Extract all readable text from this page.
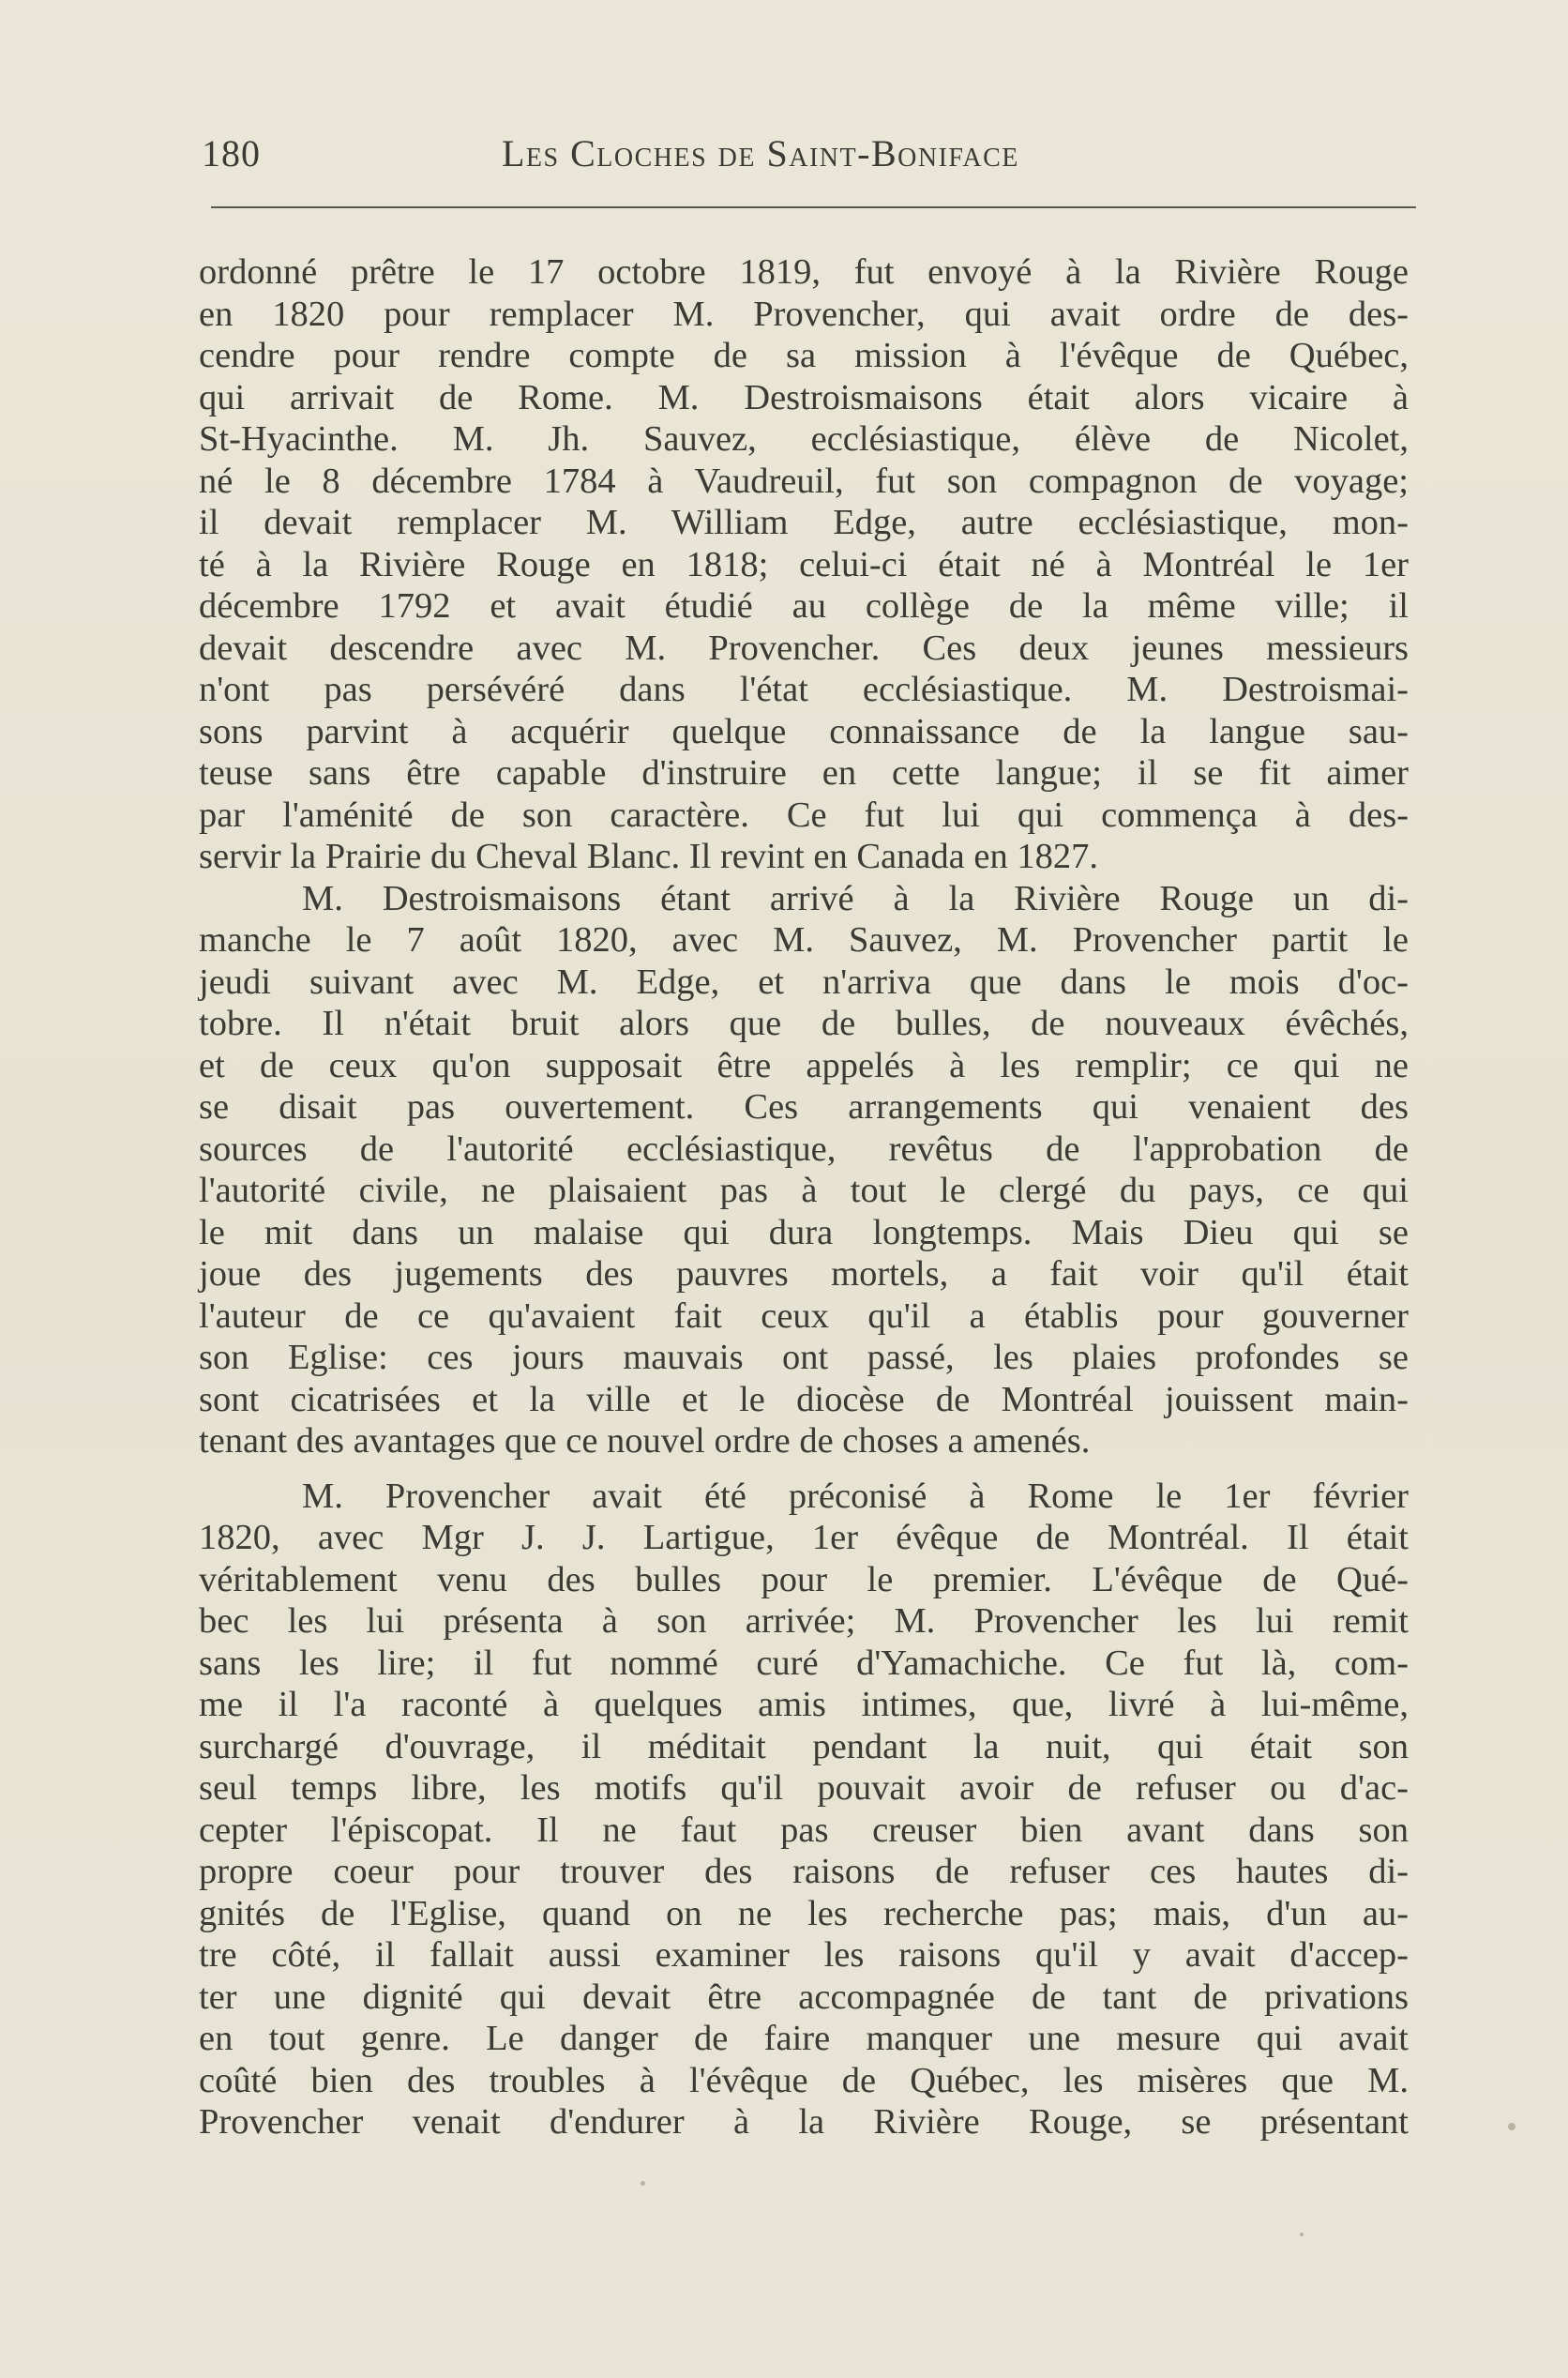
180	Les Cloches de Saint-Boniface
ordonné prêtre le 17 octobre 1819, fut envoyé à la Rivière Rouge
en 1820 pour remplacer M. Provencher, qui avait ordre de des-
cendre pour rendre compte de sa mission à l'évêque de Québec,
qui arrivait de Rome. M. Destroismaisons était alors vicaire à
St-Hyacinthe. M. Jh. Sauvez, ecclésiastique, élève de Nicolet,
né le 8 décembre 1784 à Vaudreuil, fut son compagnon de voyage;
il devait remplacer M. William Edge, autre ecclésiastique, mon-
té à la Rivière Rouge en 1818; celui-ci était né à Montréal le 1er
décembre 1792 et avait étudié au collège de la même ville; il
devait descendre avec M. Provencher. Ces deux jeunes messieurs
n'ont pas persévéré dans l'état ecclésiastique. M. Destroismai-
sons parvint à acquérir quelque connaissance de la langue sau-
teuse sans être capable d'instruire en cette langue; il se fit aimer
par l'aménité de son caractère. Ce fut lui qui commença à des-
servir la Prairie du Cheval Blanc. Il revint en Canada en 1827.
M. Destroismaisons étant arrivé à la Rivière Rouge un di-
manche le 7 août 1820, avec M. Sauvez, M. Provencher partit le
jeudi suivant avec M. Edge, et n'arriva que dans le mois d'oc-
tobre. Il n'était bruit alors que de bulles, de nouveaux évêchés,
et de ceux qu'on supposait être appelés à les remplir; ce qui ne
se disait pas ouvertement. Ces arrangements qui venaient des
sources de l'autorité ecclésiastique, revêtus de l'approbation de
l'autorité civile, ne plaisaient pas à tout le clergé du pays, ce qui
le mit dans un malaise qui dura longtemps. Mais Dieu qui se
joue des jugements des pauvres mortels, a fait voir qu'il était
l'auteur de ce qu'avaient fait ceux qu'il a établis pour gouverner
son Eglise: ces jours mauvais ont passé, les plaies profondes se
sont cicatrisées et la ville et le diocèse de Montréal jouissent main-
tenant des avantages que ce nouvel ordre de choses a amenés.
M. Provencher avait été préconisé à Rome le 1er février
1820, avec Mgr J. J. Lartigue, 1er évêque de Montréal. Il était
véritablement venu des bulles pour le premier. L'évêque de Qué-
bec les lui présenta à son arrivée; M. Provencher les lui remit
sans les lire; il fut nommé curé d'Yamachiche. Ce fut là, com-
me il l'a raconté à quelques amis intimes, que, livré à lui-même,
surchargé d'ouvrage, il méditait pendant la nuit, qui était son
seul temps libre, les motifs qu'il pouvait avoir de refuser ou d'ac-
cepter l'épiscopat. Il ne faut pas creuser bien avant dans son
propre coeur pour trouver des raisons de refuser ces hautes di-
gnités de l'Eglise, quand on ne les recherche pas; mais, d'un au-
tre côté, il fallait aussi examiner les raisons qu'il y avait d'accep-
ter une dignité qui devait être accompagnée de tant de privations
en tout genre. Le danger de faire manquer une mesure qui avait
coûté bien des troubles à l'évêque de Québec, les misères que M.
Provencher venait d'endurer à la Rivière Rouge, se présentant
